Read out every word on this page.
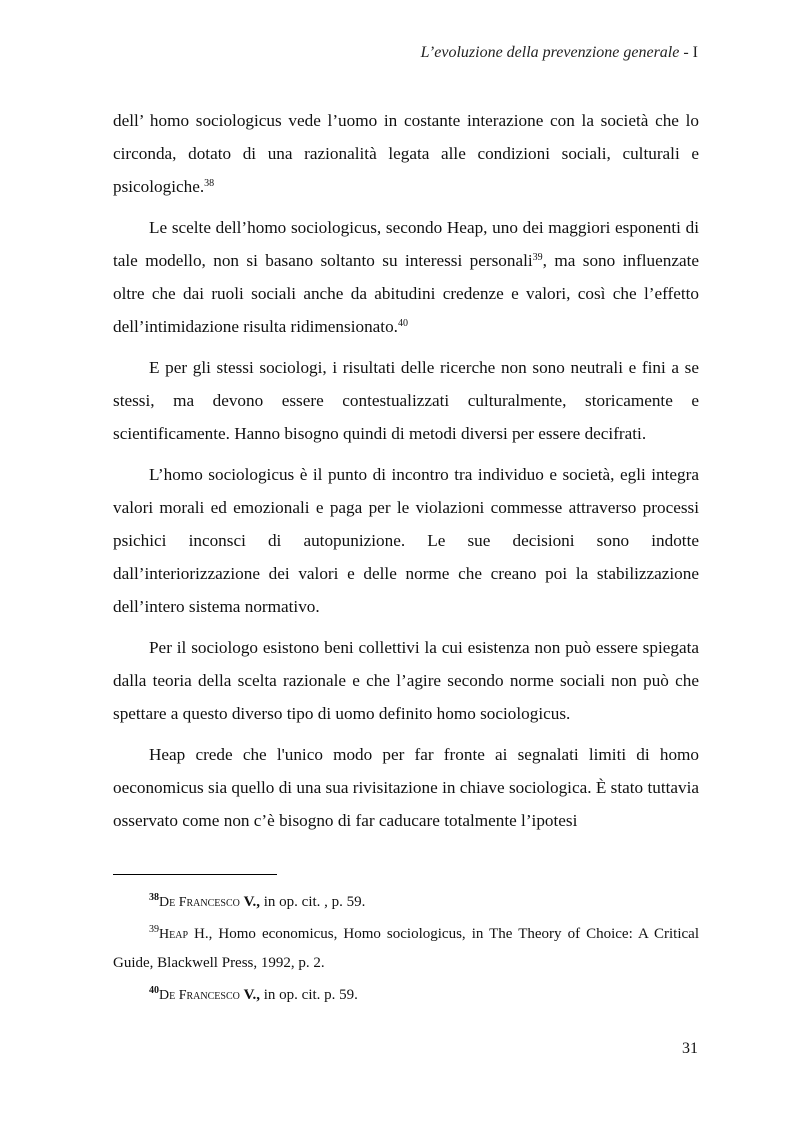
L’evoluzione della prevenzione generale - I

dell’ homo sociologicus vede l’uomo in costante interazione con la società che lo circonda, dotato di una razionalità legata alle condizioni sociali, culturali e psicologiche.$^{38}$

Le scelte dell’homo sociologicus, secondo Heap, uno dei maggiori esponenti di tale modello, non si basano soltanto su interessi personali$^{39}$, ma sono influenzate oltre che dai ruoli sociali anche da abitudini credenze e valori, così che l’effetto dell’intimidazione risulta ridimensionato.$^{40}$

E per gli stessi sociologi, i risultati delle ricerche non sono neutrali e fini a se stessi, ma devono essere contestualizzati culturalmente, storicamente e scientificamente. Hanno bisogno quindi di metodi diversi per essere decifrati.

L’homo sociologicus è il punto di incontro tra individuo e società, egli integra valori morali ed emozionali e paga per le violazioni commesse attraverso processi psichici inconsci di autopunizione. Le sue decisioni sono indotte dall’interiorizzazione dei valori e delle norme che creano poi la stabilizzazione dell’intero sistema normativo.

Per il sociologo esistono beni collettivi la cui esistenza non può essere spiegata dalla teoria della scelta razionale e che l’agire secondo norme sociali non può che spettare a questo diverso tipo di uomo definito homo sociologicus.

Heap crede che l'unico modo per far fronte ai segnalati limiti di homo oeconomicus sia quello di una sua rivisitazione in chiave sociologica. È stato tuttavia osservato come non c’è bisogno di far caducare totalmente l’ipotesi

$^{38}$De Francesco V., in op. cit. , p. 59.
$^{39}$Heap H., Homo economicus, Homo sociologicus, in The Theory of Choice: A Critical Guide, Blackwell Press, 1992, p. 2.
$^{40}$De Francesco V., in op. cit. p. 59.
31
